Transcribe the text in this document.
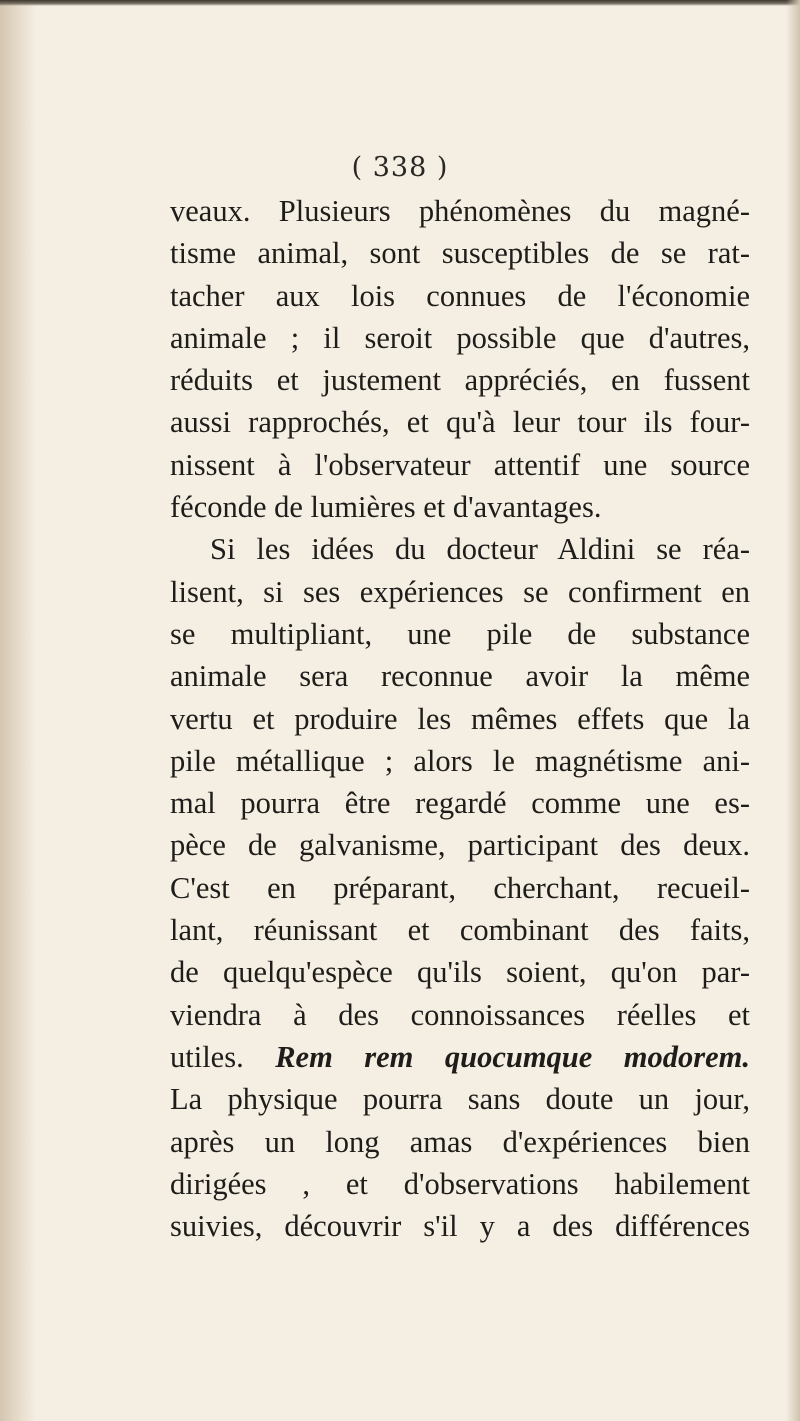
( 338 )
veaux. Plusieurs phénomènes du magné-
tisme animal, sont susceptibles de se rat-
tacher aux lois connues de l'économie
animale ; il seroit possible que d'autres,
réduits et justement appréciés, en fussent
aussi rapprochés, et qu'à leur tour ils four-
nissent à l'observateur attentif une source
féconde de lumières et d'avantages.
Si les idées du docteur Aldini se réa-
lisent, si ses expériences se confirment en
se multipliant, une pile de substance
animale sera reconnue avoir la même
vertu et produire les mêmes effets que la
pile métallique ; alors le magnétisme ani-
mal pourra être regardé comme une es-
pèce de galvanisme, participant des deux.
C'est en préparant, cherchant, recueil-
lant, réunissant et combinant des faits,
de quelqu'espèce qu'ils soient, qu'on par-
viendra à des connoissances réelles et
utiles. Rem rem quocumque modorem.
La physique pourra sans doute un jour,
après un long amas d'expériences bien
dirigées , et d'observations habilement
suivies, découvrir s'il y a des différences
